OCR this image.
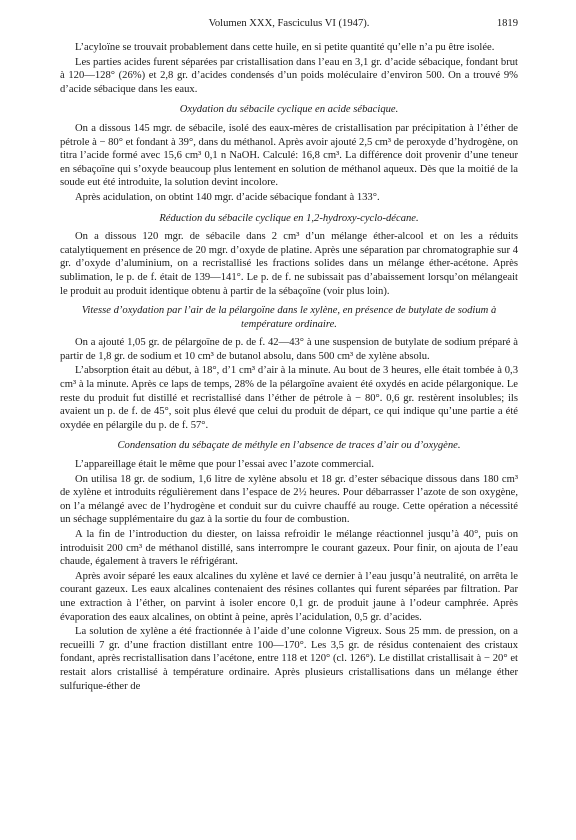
Volumen XXX, Fasciculus VI (1947).	1819

L’acyloïne se trouvait probablement dans cette huile, en si petite quantité qu’elle n’a pu être isolée.

Les parties acides furent séparées par cristallisation dans l’eau en 3,1 gr. d’acide sébacique, fondant brut à 120—128° (26%) et 2,8 gr. d’acides condensés d’un poids moléculaire d’environ 500. On a trouvé 9% d’acide sébacique dans les eaux.

Oxydation du sébacile cyclique en acide sébacique.

On a dissous 145 mgr. de sébacile, isolé des eaux-mères de cristallisation par précipitation à l’éther de pétrole à − 80° et fondant à 39°, dans du méthanol. Après avoir ajouté 2,5 cm³ de peroxyde d’hydrogène, on titra l’acide formé avec 15,6 cm³ 0,1 n NaOH. Calculé: 16,8 cm³. La différence doit provenir d’une teneur en sébaçoïne qui s’oxyde beaucoup plus lentement en solution de méthanol aqueux. Dès que la moitié de la soude eut été introduite, la solution devint incolore.

Après acidulation, on obtint 140 mgr. d’acide sébacique fondant à 133°.

Réduction du sébacile cyclique en 1,2-hydroxy-cyclo-décane.

On a dissous 120 mgr. de sébacile dans 2 cm³ d’un mélange éther-alcool et on les a réduits catalytiquement en présence de 20 mgr. d’oxyde de platine. Après une séparation par chromatographie sur 4 gr. d’oxyde d’aluminium, on a recristallisé les fractions solides dans un mélange éther-acétone. Après sublimation, le p. de f. était de 139—141°. Le p. de f. ne subissait pas d’abaissement lorsqu’on mélangeait le produit au produit identique obtenu à partir de la sébaçoïne (voir plus loin).

Vitesse d’oxydation par l’air de la pélargoïne dans le xylène, en présence de butylate de sodium à température ordinaire.

On a ajouté 1,05 gr. de pélargoïne de p. de f. 42—43° à une suspension de butylate de sodium préparé à partir de 1,8 gr. de sodium et 10 cm³ de butanol absolu, dans 500 cm³ de xylène absolu.

L’absorption était au début, à 18°, d’1 cm³ d’air à la minute. Au bout de 3 heures, elle était tombée à 0,3 cm³ à la minute. Après ce laps de temps, 28% de la pélargoïne avaient été oxydés en acide pélargonique. Le reste du produit fut distillé et recristallisé dans l’éther de pétrole à − 80°. 0,6 gr. restèrent insolubles; ils avaient un p. de f. de 45°, soit plus élevé que celui du produit de départ, ce qui indique qu’une partie a été oxydée en pélargile du p. de f. 57°.

Condensation du sébaçate de méthyle en l’absence de traces d’air ou d’oxygène.

L’appareillage était le même que pour l’essai avec l’azote commercial.

On utilisa 18 gr. de sodium, 1,6 litre de xylène absolu et 18 gr. d’ester sébacique dissous dans 180 cm³ de xylène et introduits régulièrement dans l’espace de 2½ heures. Pour débarrasser l’azote de son oxygène, on l’a mélangé avec de l’hydrogène et conduit sur du cuivre chauffé au rouge. Cette opération a nécessité un séchage supplémentaire du gaz à la sortie du four de combustion.

A la fin de l’introduction du diester, on laissa refroidir le mélange réactionnel jusqu’à 40°, puis on introduisit 200 cm³ de méthanol distillé, sans interrompre le courant gazeux. Pour finir, on ajouta de l’eau chaude, également à travers le réfrigérant.

Après avoir séparé les eaux alcalines du xylène et lavé ce dernier à l’eau jusqu’à neutralité, on arrêta le courant gazeux. Les eaux alcalines contenaient des résines collantes qui furent séparées par filtration. Par une extraction à l’éther, on parvint à isoler encore 0,1 gr. de produit jaune à l’odeur camphrée. Après évaporation des eaux alcalines, on obtint à peine, après l’acidulation, 0,5 gr. d’acides.

La solution de xylène a été fractionnée à l’aide d’une colonne Vigreux. Sous 25 mm. de pression, on a recueilli 7 gr. d’une fraction distillant entre 100—170°. Les 3,5 gr. de résidus contenaient des cristaux fondant, après recristallisation dans l’acétone, entre 118 et 120° (cl. 126°). Le distillat cristallisait à − 20° et restait alors cristallisé à température ordinaire. Après plusieurs cristallisations dans un mélange éther sulfurique-éther de
